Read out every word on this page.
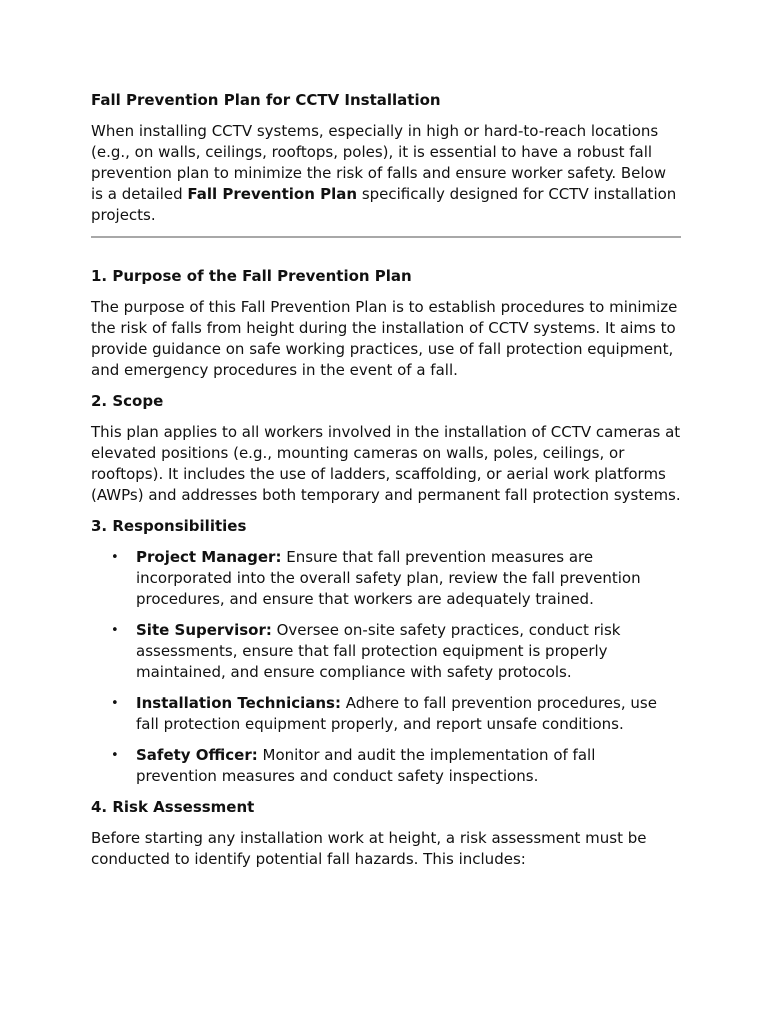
Fall Prevention Plan for CCTV Installation

When installing CCTV systems, especially in high or hard-to-reach locations (e.g., on walls, ceilings, rooftops, poles), it is essential to have a robust fall prevention plan to minimize the risk of falls and ensure worker safety. Below is a detailed Fall Prevention Plan specifically designed for CCTV installation projects.

1. Purpose of the Fall Prevention Plan

The purpose of this Fall Prevention Plan is to establish procedures to minimize the risk of falls from height during the installation of CCTV systems. It aims to provide guidance on safe working practices, use of fall protection equipment, and emergency procedures in the event of a fall.

2. Scope

This plan applies to all workers involved in the installation of CCTV cameras at elevated positions (e.g., mounting cameras on walls, poles, ceilings, or rooftops). It includes the use of ladders, scaffolding, or aerial work platforms (AWPs) and addresses both temporary and permanent fall protection systems.

3. Responsibilities
• Project Manager: Ensure that fall prevention measures are incorporated into the overall safety plan, review the fall prevention procedures, and ensure that workers are adequately trained.
• Site Supervisor: Oversee on-site safety practices, conduct risk assessments, ensure that fall protection equipment is properly maintained, and ensure compliance with safety protocols.
• Installation Technicians: Adhere to fall prevention procedures, use fall protection equipment properly, and report unsafe conditions.
• Safety Officer: Monitor and audit the implementation of fall prevention measures and conduct safety inspections.
4. Risk Assessment

Before starting any installation work at height, a risk assessment must be conducted to identify potential fall hazards. This includes:
